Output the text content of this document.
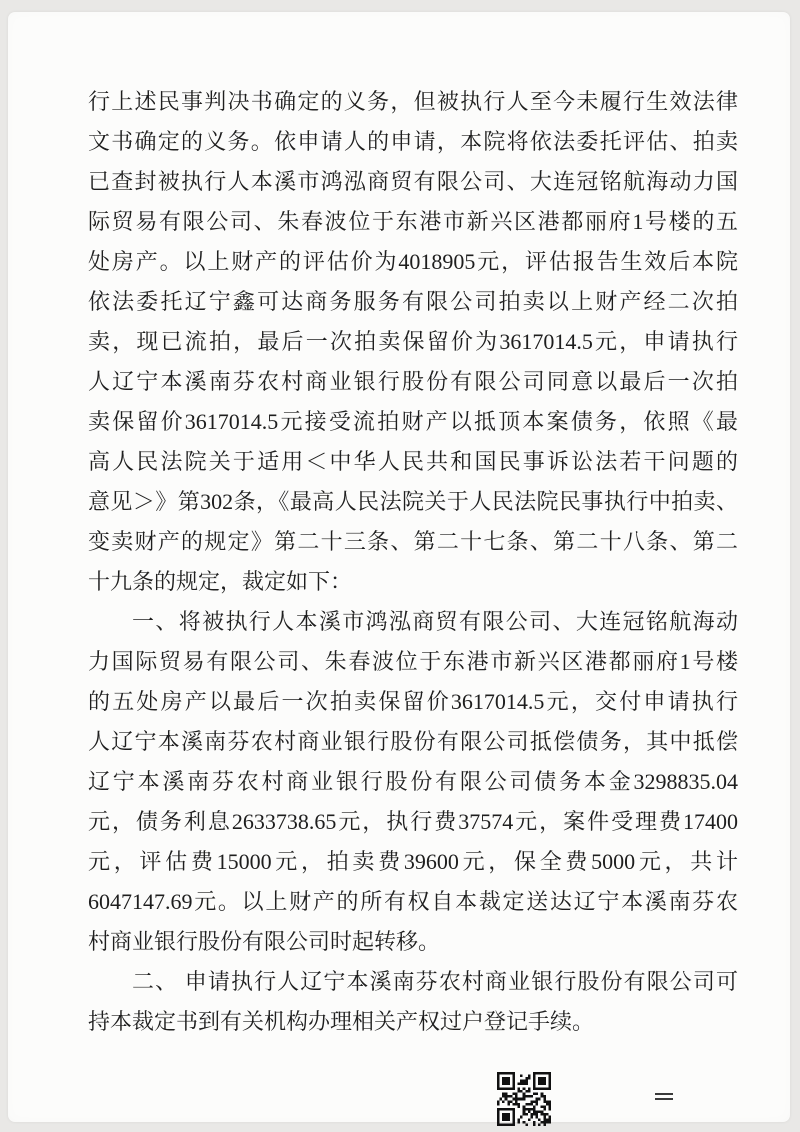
行上述民事判决书确定的义务，但被执行人至今未履行生效法律
文书确定的义务。依申请人的申请，本院将依法委托评估、拍卖
已查封被执行人本溪市鸿泓商贸有限公司、大连冠铭航海动力国
际贸易有限公司、朱春波位于东港市新兴区港都丽府1号楼的五
处房产。以上财产的评估价为4018905元，评估报告生效后本院
依法委托辽宁鑫可达商务服务有限公司拍卖以上财产经二次拍
卖，现已流拍，最后一次拍卖保留价为3617014.5元，申请执行
人辽宁本溪南芬农村商业银行股份有限公司同意以最后一次拍
卖保留价3617014.5元接受流拍财产以抵顶本案债务，依照《最
高人民法院关于适用＜中华人民共和国民事诉讼法若干问题的
意见＞》第302条，《最高人民法院关于人民法院民事执行中拍卖、
变卖财产的规定》第二十三条、第二十七条、第二十八条、第二
十九条的规定，裁定如下：
一、将被执行人本溪市鸿泓商贸有限公司、大连冠铭航海动
力国际贸易有限公司、朱春波位于东港市新兴区港都丽府1号楼
的五处房产以最后一次拍卖保留价3617014.5元，交付申请执行
人辽宁本溪南芬农村商业银行股份有限公司抵偿债务，其中抵偿
辽宁本溪南芬农村商业银行股份有限公司债务本金3298835.04
元，债务利息2633738.65元，执行费37574元，案件受理费17400
元，评估费15000元，拍卖费39600元，保全费5000元，共计
6047147.69元。以上财产的所有权自本裁定送达辽宁本溪南芬农
村商业银行股份有限公司时起转移。
二、 申请执行人辽宁本溪南芬农村商业银行股份有限公司可
持本裁定书到有关机构办理相关产权过户登记手续。
